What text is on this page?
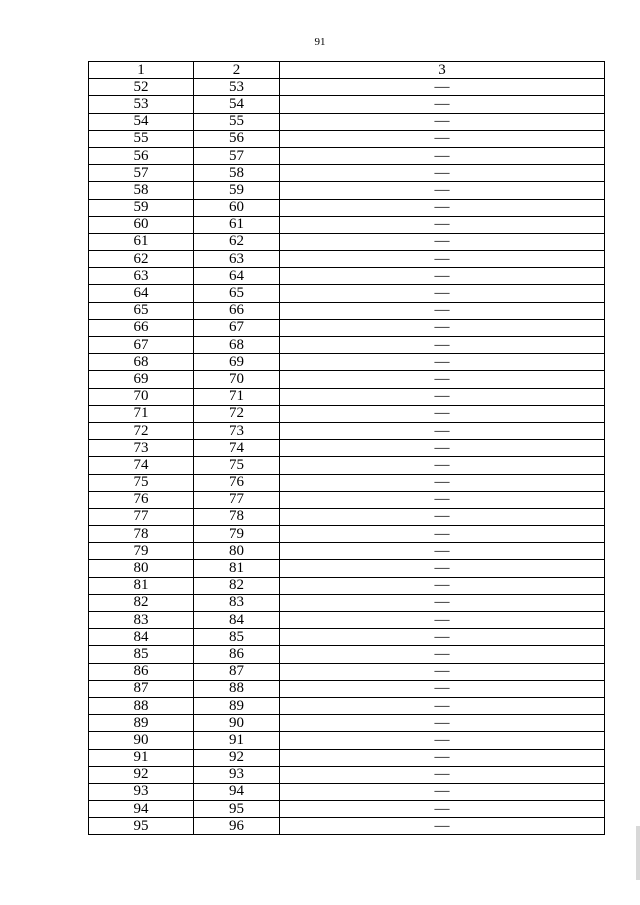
91
1	2	3
52	53	—
53	54	—
54	55	—
55	56	—
56	57	—
57	58	—
58	59	—
59	60	—
60	61	—
61	62	—
62	63	—
63	64	—
64	65	—
65	66	—
66	67	—
67	68	—
68	69	—
69	70	—
70	71	—
71	72	—
72	73	—
73	74	—
74	75	—
75	76	—
76	77	—
77	78	—
78	79	—
79	80	—
80	81	—
81	82	—
82	83	—
83	84	—
84	85	—
85	86	—
86	87	—
87	88	—
88	89	—
89	90	—
90	91	—
91	92	—
92	93	—
93	94	—
94	95	—
95	96	—
